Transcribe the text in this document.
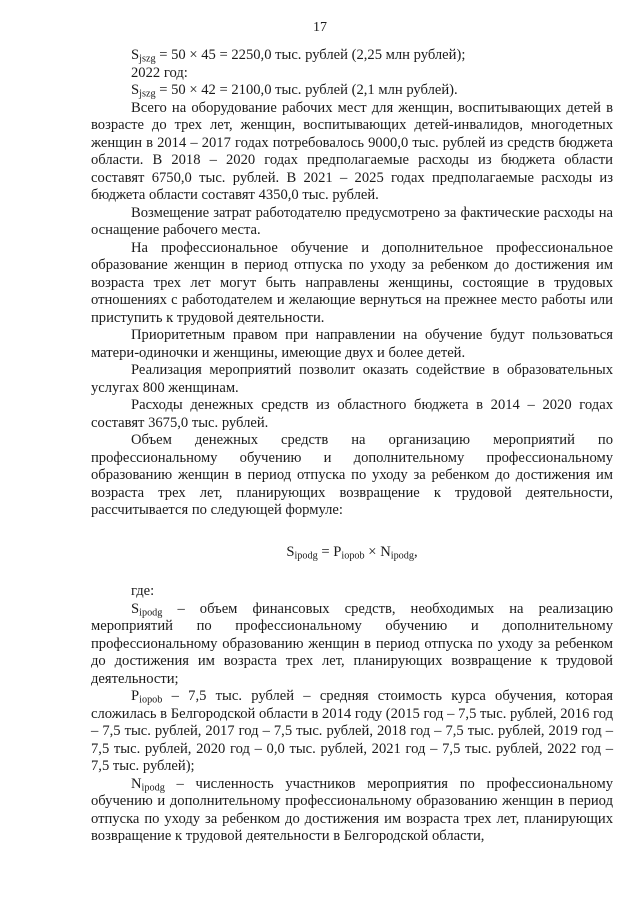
17

$S_{jszg} = 50 \times 45 = 2250,0$ тыс. рублей (2,25 млн рублей);

2022 год:

$S_{jszg} = 50 \times 42 = 2100,0$ тыс. рублей (2,1 млн рублей).

Всего на оборудование рабочих мест для женщин, воспитывающих детей в возрасте до трех лет, женщин, воспитывающих детей-инвалидов, многодетных женщин в 2014 – 2017 годах потребовалось 9000,0 тыс. рублей из средств бюджета области. В 2018 – 2020 годах предполагаемые расходы из бюджета области составят 6750,0 тыс. рублей. В 2021 – 2025 годах предполагаемые расходы из бюджета области составят 4350,0 тыс. рублей.

Возмещение затрат работодателю предусмотрено за фактические расходы на оснащение рабочего места.

На профессиональное обучение и дополнительное профессиональное образование женщин в период отпуска по уходу за ребенком до достижения им возраста трех лет могут быть направлены женщины, состоящие в трудовых отношениях с работодателем и желающие вернуться на прежнее место работы или приступить к трудовой деятельности.

Приоритетным правом при направлении на обучение будут пользоваться матери-одиночки и женщины, имеющие двух и более детей.

Реализация мероприятий позволит оказать содействие в образовательных услугах 800 женщинам.

Расходы денежных средств из областного бюджета в 2014 – 2020 годах составят 3675,0 тыс. рублей.

Объем денежных средств на организацию мероприятий по профессиональному обучению и дополнительному профессиональному образованию женщин в период отпуска по уходу за ребенком до достижения им возраста трех лет, планирующих возвращение к трудовой деятельности, рассчитывается по следующей формуле:

$S_{ipodg} = P_{iopob} \times N_{ipodg}$,

где:

$S_{ipodg}$ – объем финансовых средств, необходимых на реализацию мероприятий по профессиональному обучению и дополнительному профессиональному образованию женщин в период отпуска по уходу за ребенком до достижения им возраста трех лет, планирующих возвращение к трудовой деятельности;

$P_{iopob} - 7,5$ тыс. рублей – средняя стоимость курса обучения, которая сложилась в Белгородской области в 2014 году (2015 год – 7,5 тыс. рублей, 2016 год – 7,5 тыс. рублей, 2017 год – 7,5 тыс. рублей, 2018 год – 7,5 тыс. рублей, 2019 год – 7,5 тыс. рублей, 2020 год – 0,0 тыс. рублей, 2021 год – 7,5 тыс. рублей, 2022 год – 7,5 тыс. рублей);

$N_{ipodg}$ – численность участников мероприятия по профессиональному обучению и дополнительному профессиональному образованию женщин в период отпуска по уходу за ребенком до достижения им возраста трех лет, планирующих возвращение к трудовой деятельности в Белгородской области,
